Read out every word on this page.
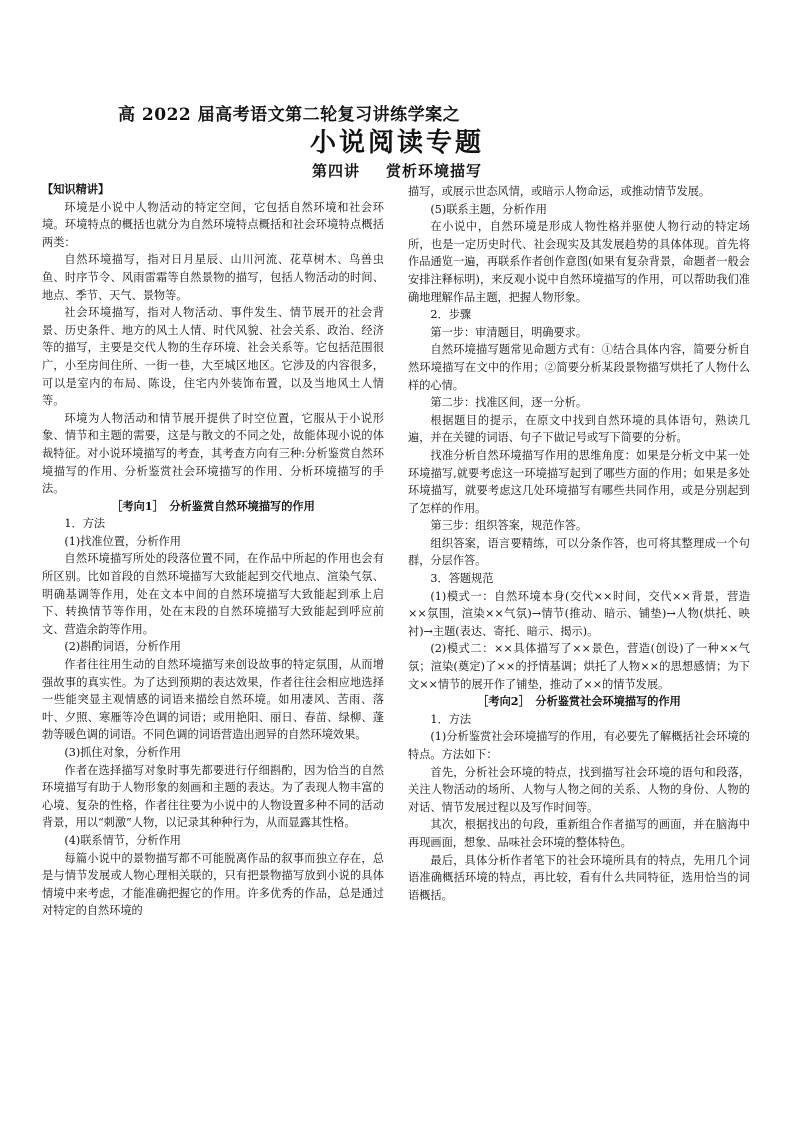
高 2022 届高考语文第二轮复习讲练学案之
小说阅读专题
第四讲 赏析环境描写

【知识精讲】

环境是小说中人物活动的特定空间，它包括自然环境和社会环境。环境特点的概括也就分为自然环境特点概括和社会环境特点概括两类：

自然环境描写，指对日月星辰、山川河流、花草树木、鸟兽虫鱼、时序节令、风雨雷霜等自然景物的描写，包括人物活动的时间、地点、季节、天气、景物等。

社会环境描写，指对人物活动、事件发生、情节展开的社会背景、历史条件、地方的风土人情、时代风貌、社会关系、政治、经济等的描写，主要是交代人物的生存环境、社会关系等。它包括范围很广，小至房间住所、一街一巷，大至城区地区。它涉及的内容很多，可以是室内的布局、陈设，住宅内外装饰布置，以及当地风土人情等。

环境为人物活动和情节展开提供了时空位置，它服从于小说形象、情节和主题的需要，这是与散文的不同之处，故能体现小说的体裁特征。对小说环境描写的考查，其考查方向有三种:分析鉴赏自然环境描写的作用、分析鉴赏社会环境描写的作用、分析环境描写的手法。

［考向1］　分析鉴赏自然环境描写的作用

1．方法

(1)找准位置，分析作用

自然环境描写所处的段落位置不同，在作品中所起的作用也会有所区别。比如首段的自然环境描写大致能起到交代地点、渲染气氛、明确基调等作用，处在文本中间的自然环境描写大致能起到承上启下、转换情节等作用，处在末段的自然环境描写大致能起到呼应前文、营造余韵等作用。

(2)斟酌词语，分析作用

作者往往用生动的自然环境描写来创设故事的特定氛围，从而增强故事的真实性。为了达到预期的表达效果，作者往往会相应地选择一些能突显主观情感的词语来描绘自然环境。如用凄风、苦雨、落叶、夕照、寒雁等冷色调的词语；或用艳阳、丽日、春苗、绿柳、蓬勃等暖色调的词语。不同色调的词语营造出迥异的自然环境效果。

(3)抓住对象，分析作用

作者在选择描写对象时事先都要进行仔细斟酌，因为恰当的自然环境描写有助于人物形象的刻画和主题的表达。为了表现人物丰富的心境、复杂的性格，作者往往要为小说中的人物设置多种不同的活动背景，用以“刺激”人物，以记录其种种行为，从而显露其性格。

(4)联系情节，分析作用

每篇小说中的景物描写都不可能脱离作品的叙事而独立存在，总是与情节发展或人物心理相关联的，只有把景物描写放到小说的具体情境中来考虑，才能准确把握它的作用。许多优秀的作品，总是通过对特定的自然环境的

描写，或展示世态风情，或暗示人物命运，或推动情节发展。

(5)联系主题，分析作用

在小说中，自然环境是形成人物性格并驱使人物行动的特定场所，也是一定历史时代、社会现实及其发展趋势的具体体现。首先将作品通览一遍，再联系作者创作意图(如果有复杂背景，命题者一般会安排注释标明)，来反观小说中自然环境描写的作用，可以帮助我们准确地理解作品主题，把握人物形象。

2．步骤

第一步：审清题目，明确要求。

自然环境描写题常见命题方式有：①结合具体内容，简要分析自然环境描写在文中的作用；②简要分析某段景物描写烘托了人物什么样的心情。

第二步：找准区间，逐一分析。

根据题目的提示，在原文中找到自然环境的具体语句，熟读几遍，并在关键的词语、句子下做记号或写下简要的分析。

找准分析自然环境描写作用的思维角度：如果是分析文中某一处环境描写,就要考虑这一环境描写起到了哪些方面的作用；如果是多处环境描写，就要考虑这几处环境描写有哪些共同作用，或是分别起到了怎样的作用。

第三步：组织答案，规范作答。

组织答案，语言要精练，可以分条作答，也可将其整理成一个句群，分层作答。

3．答题规范

(1)模式一：自然环境本身(交代××时间，交代××背景，营造××氛围，渲染××气氛)→情节(推动、暗示、铺垫)→人物(烘托、映衬)→主题(表达、寄托、暗示、揭示)。

(2)模式二：××具体描写了××景色，营造(创设)了一种××气氛；渲染(奠定)了××的抒情基调；烘托了人物××的思想感情；为下文××情节的展开作了铺垫，推动了××的情节发展。

［考向2］　分析鉴赏社会环境描写的作用

1．方法

(1)分析鉴赏社会环境描写的作用，有必要先了解概括社会环境的特点。方法如下：

首先，分析社会环境的特点，找到描写社会环境的语句和段落，关注人物活动的场所、人物与人物之间的关系、人物的身份、人物的对话、情节发展过程以及写作时间等。

其次，根据找出的句段，重新组合作者描写的画面，并在脑海中再现画面，想象、品味社会环境的整体特色。

最后，具体分析作者笔下的社会环境所具有的特点，先用几个词语准确概括环境的特点，再比较，看有什么共同特征，选用恰当的词语概括。
